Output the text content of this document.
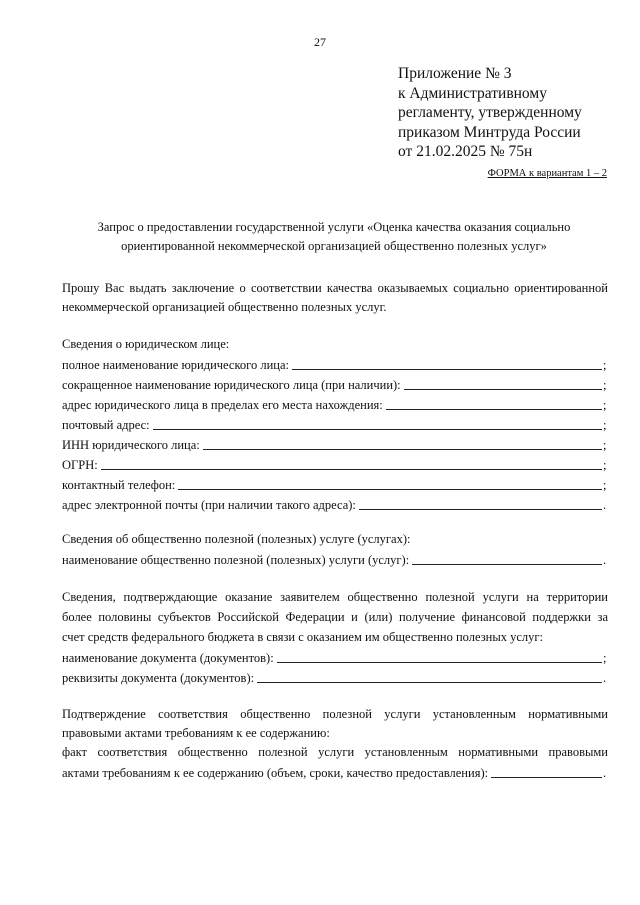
27
Приложение № 3
к Административному
регламенту, утвержденному
приказом Минтруда России
от 21.02.2025 № 75н
ФОРМА к вариантам 1 – 2
Запрос о предоставлении государственной услуги «Оценка качества оказания социально ориентированной некоммерческой организацией общественно полезных услуг»
Прошу Вас выдать заключение о соответствии качества оказываемых социально ориентированной
некоммерческой организацией общественно полезных услуг.
Сведения о юридическом лице:
полное наименование юридического лица:	;
сокращенное наименование юридического лица (при наличии):	;
адрес юридического лица в пределах его места нахождения:	;
почтовый адрес:	;
ИНН юридического лица:	;
ОГРН:	;
контактный телефон:	;
адрес электронной почты (при наличии такого адреса):	.
Сведения об общественно полезной (полезных) услуге (услугах):
наименование общественно полезной (полезных) услуги (услуг):	.
Сведения, подтверждающие оказание заявителем общественно полезной услуги на территории
более половины субъектов Российской Федерации и (или) получение финансовой поддержки за
счет средств федерального бюджета в связи с оказанием им общественно полезных услуг:
наименование документа (документов):	;
реквизиты документа (документов):	.
Подтверждение соответствия общественно полезной услуги установленным нормативными
правовыми актами требованиям к ее содержанию:
факт соответствия общественно полезной услуги установленным нормативными правовыми
актами требованиям к ее содержанию (объем, сроки, качество предоставления):	.
